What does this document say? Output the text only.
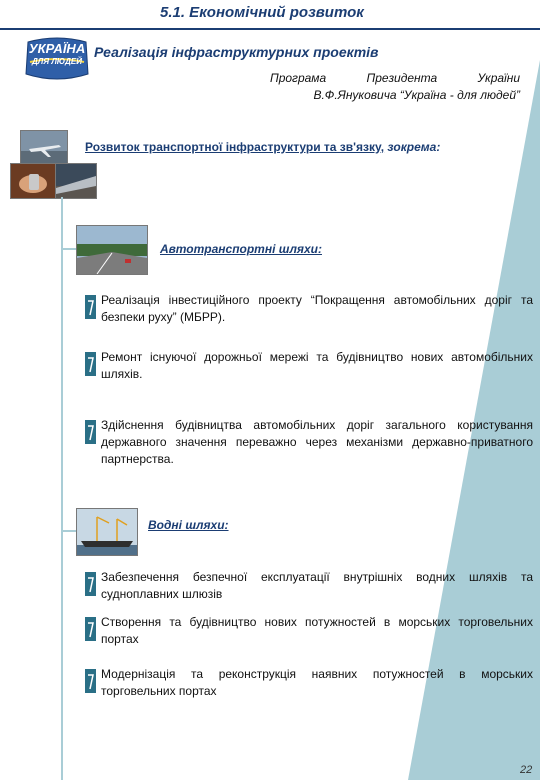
5.1. Економічний розвиток
УКРАЇНА
ДЛЯ ЛЮДЕЙ
Реалізація інфраструктурних проектів
Програма Президента України
В.Ф.Януковича “Україна - для людей”
Розвиток транспортної інфраструктури та зв'язку, зокрема:
Автотранспортні шляхи:
Реалізація інвестиційного проекту “Покращення автомобільних доріг та безпеки руху” (МБРР).
Ремонт існуючої дорожньої мережі та будівництво нових автомобільних шляхів.
Здійснення будівництва автомобільних доріг загального користування державного значення переважно через механізми державно-приватного партнерства.
Водні шляхи:
Забезпечення безпечної експлуатації внутрішніх водних шляхів та судноплавних шлюзів
Створення та будівництво нових потужностей в морських торговельних портах
Модернізація та реконструкція наявних потужностей в морських торговельних портах
22
